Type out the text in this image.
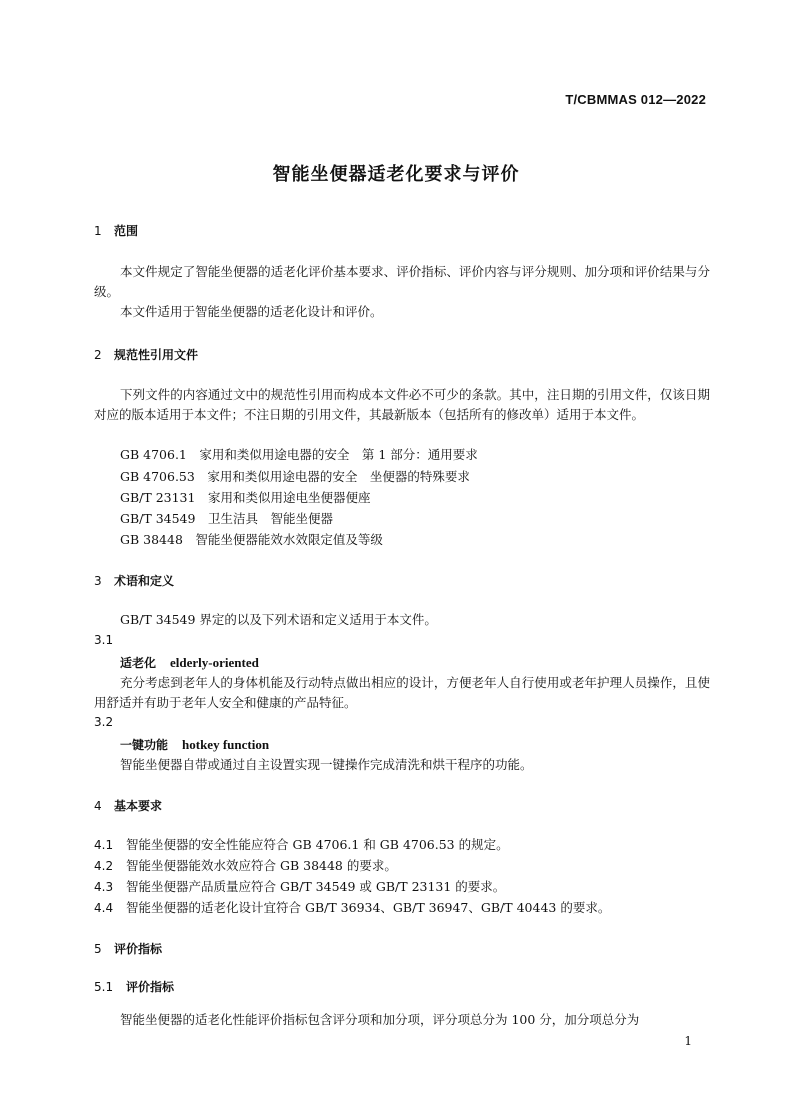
T/CBMMAS 012—2022
智能坐便器适老化要求与评价
1 范围
本文件规定了智能坐便器的适老化评价基本要求、评价指标、评价内容与评分规则、加分项和评价结果与分级。
本文件适用于智能坐便器的适老化设计和评价。
2 规范性引用文件
下列文件的内容通过文中的规范性引用而构成本文件必不可少的条款。其中，注日期的引用文件，仅该日期对应的版本适用于本文件；不注日期的引用文件，其最新版本（包括所有的修改单）适用于本文件。
GB 4706.1　家用和类似用途电器的安全　第 1 部分：通用要求
GB 4706.53　家用和类似用途电器的安全　坐便器的特殊要求
GB/T 23131　家用和类似用途电坐便器便座
GB/T 34549　卫生洁具　智能坐便器
GB 38448　智能坐便器能效水效限定值及等级
3 术语和定义
GB/T 34549 界定的以及下列术语和定义适用于本文件。
3.1
适老化 elderly-oriented
充分考虑到老年人的身体机能及行动特点做出相应的设计，方便老年人自行使用或老年护理人员操作，且使用舒适并有助于老年人安全和健康的产品特征。
3.2
一键功能 hotkey function
智能坐便器自带或通过自主设置实现一键操作完成清洗和烘干程序的功能。
4 基本要求
4.1 智能坐便器的安全性能应符合 GB 4706.1 和 GB 4706.53 的规定。
4.2 智能坐便器能效水效应符合 GB 38448 的要求。
4.3 智能坐便器产品质量应符合 GB/T 34549 或 GB/T 23131 的要求。
4.4 智能坐便器的适老化设计宜符合 GB/T 36934、GB/T 36947、GB/T 40443 的要求。
5 评价指标
5.1 评价指标
智能坐便器的适老化性能评价指标包含评分项和加分项，评分项总分为 100 分，加分项总分为
1
